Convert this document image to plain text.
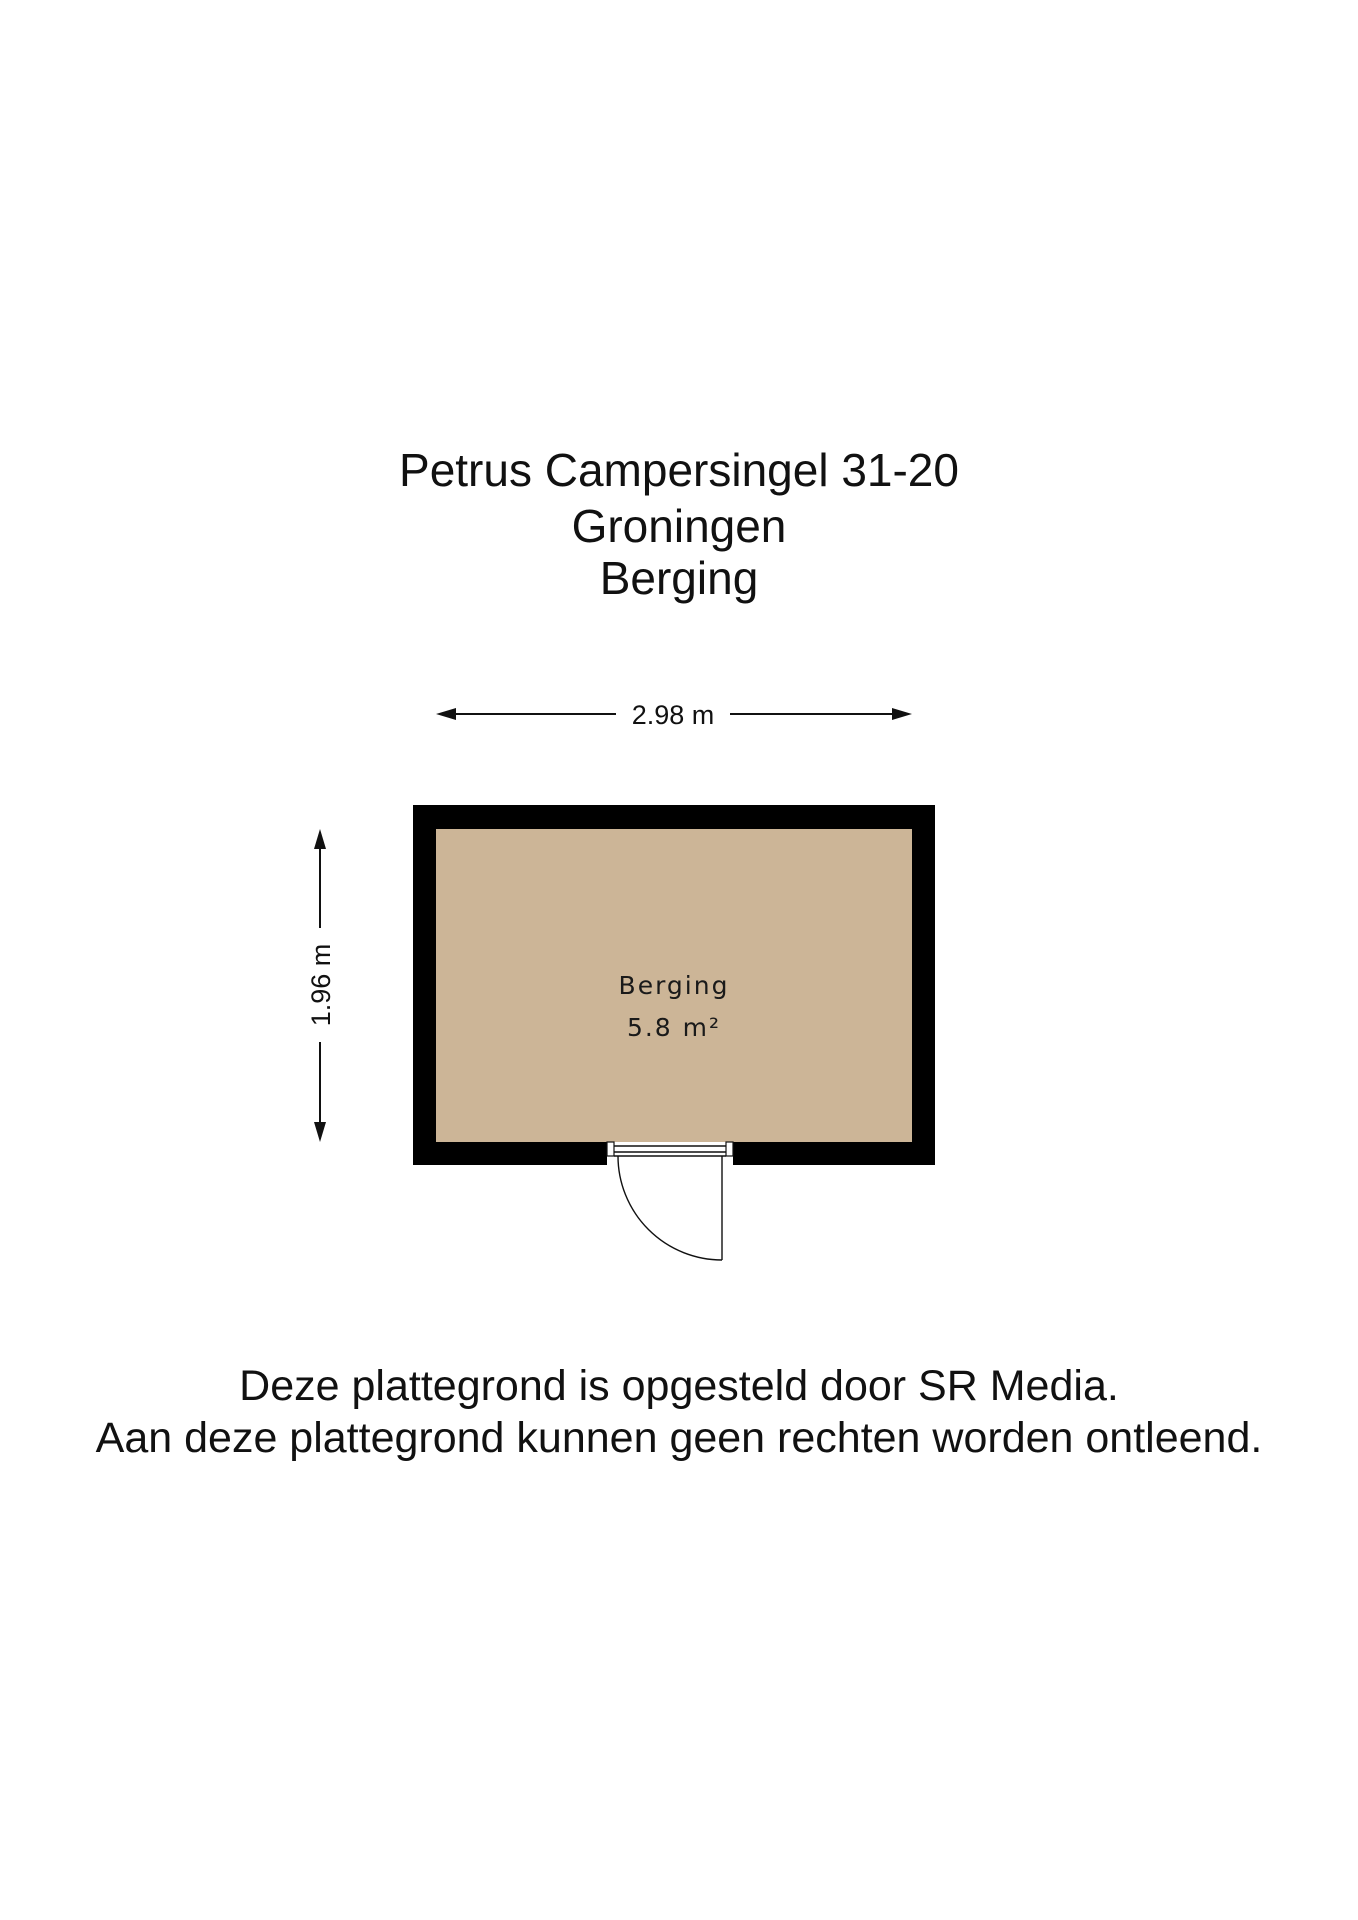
Petrus Campersingel 31-20
Groningen
Berging
2.98 m
1.96 m	Berging
5.8 m²
Deze plattegrond is opgesteld door SR Media.
Aan deze plattegrond kunnen geen rechten worden ontleend.
